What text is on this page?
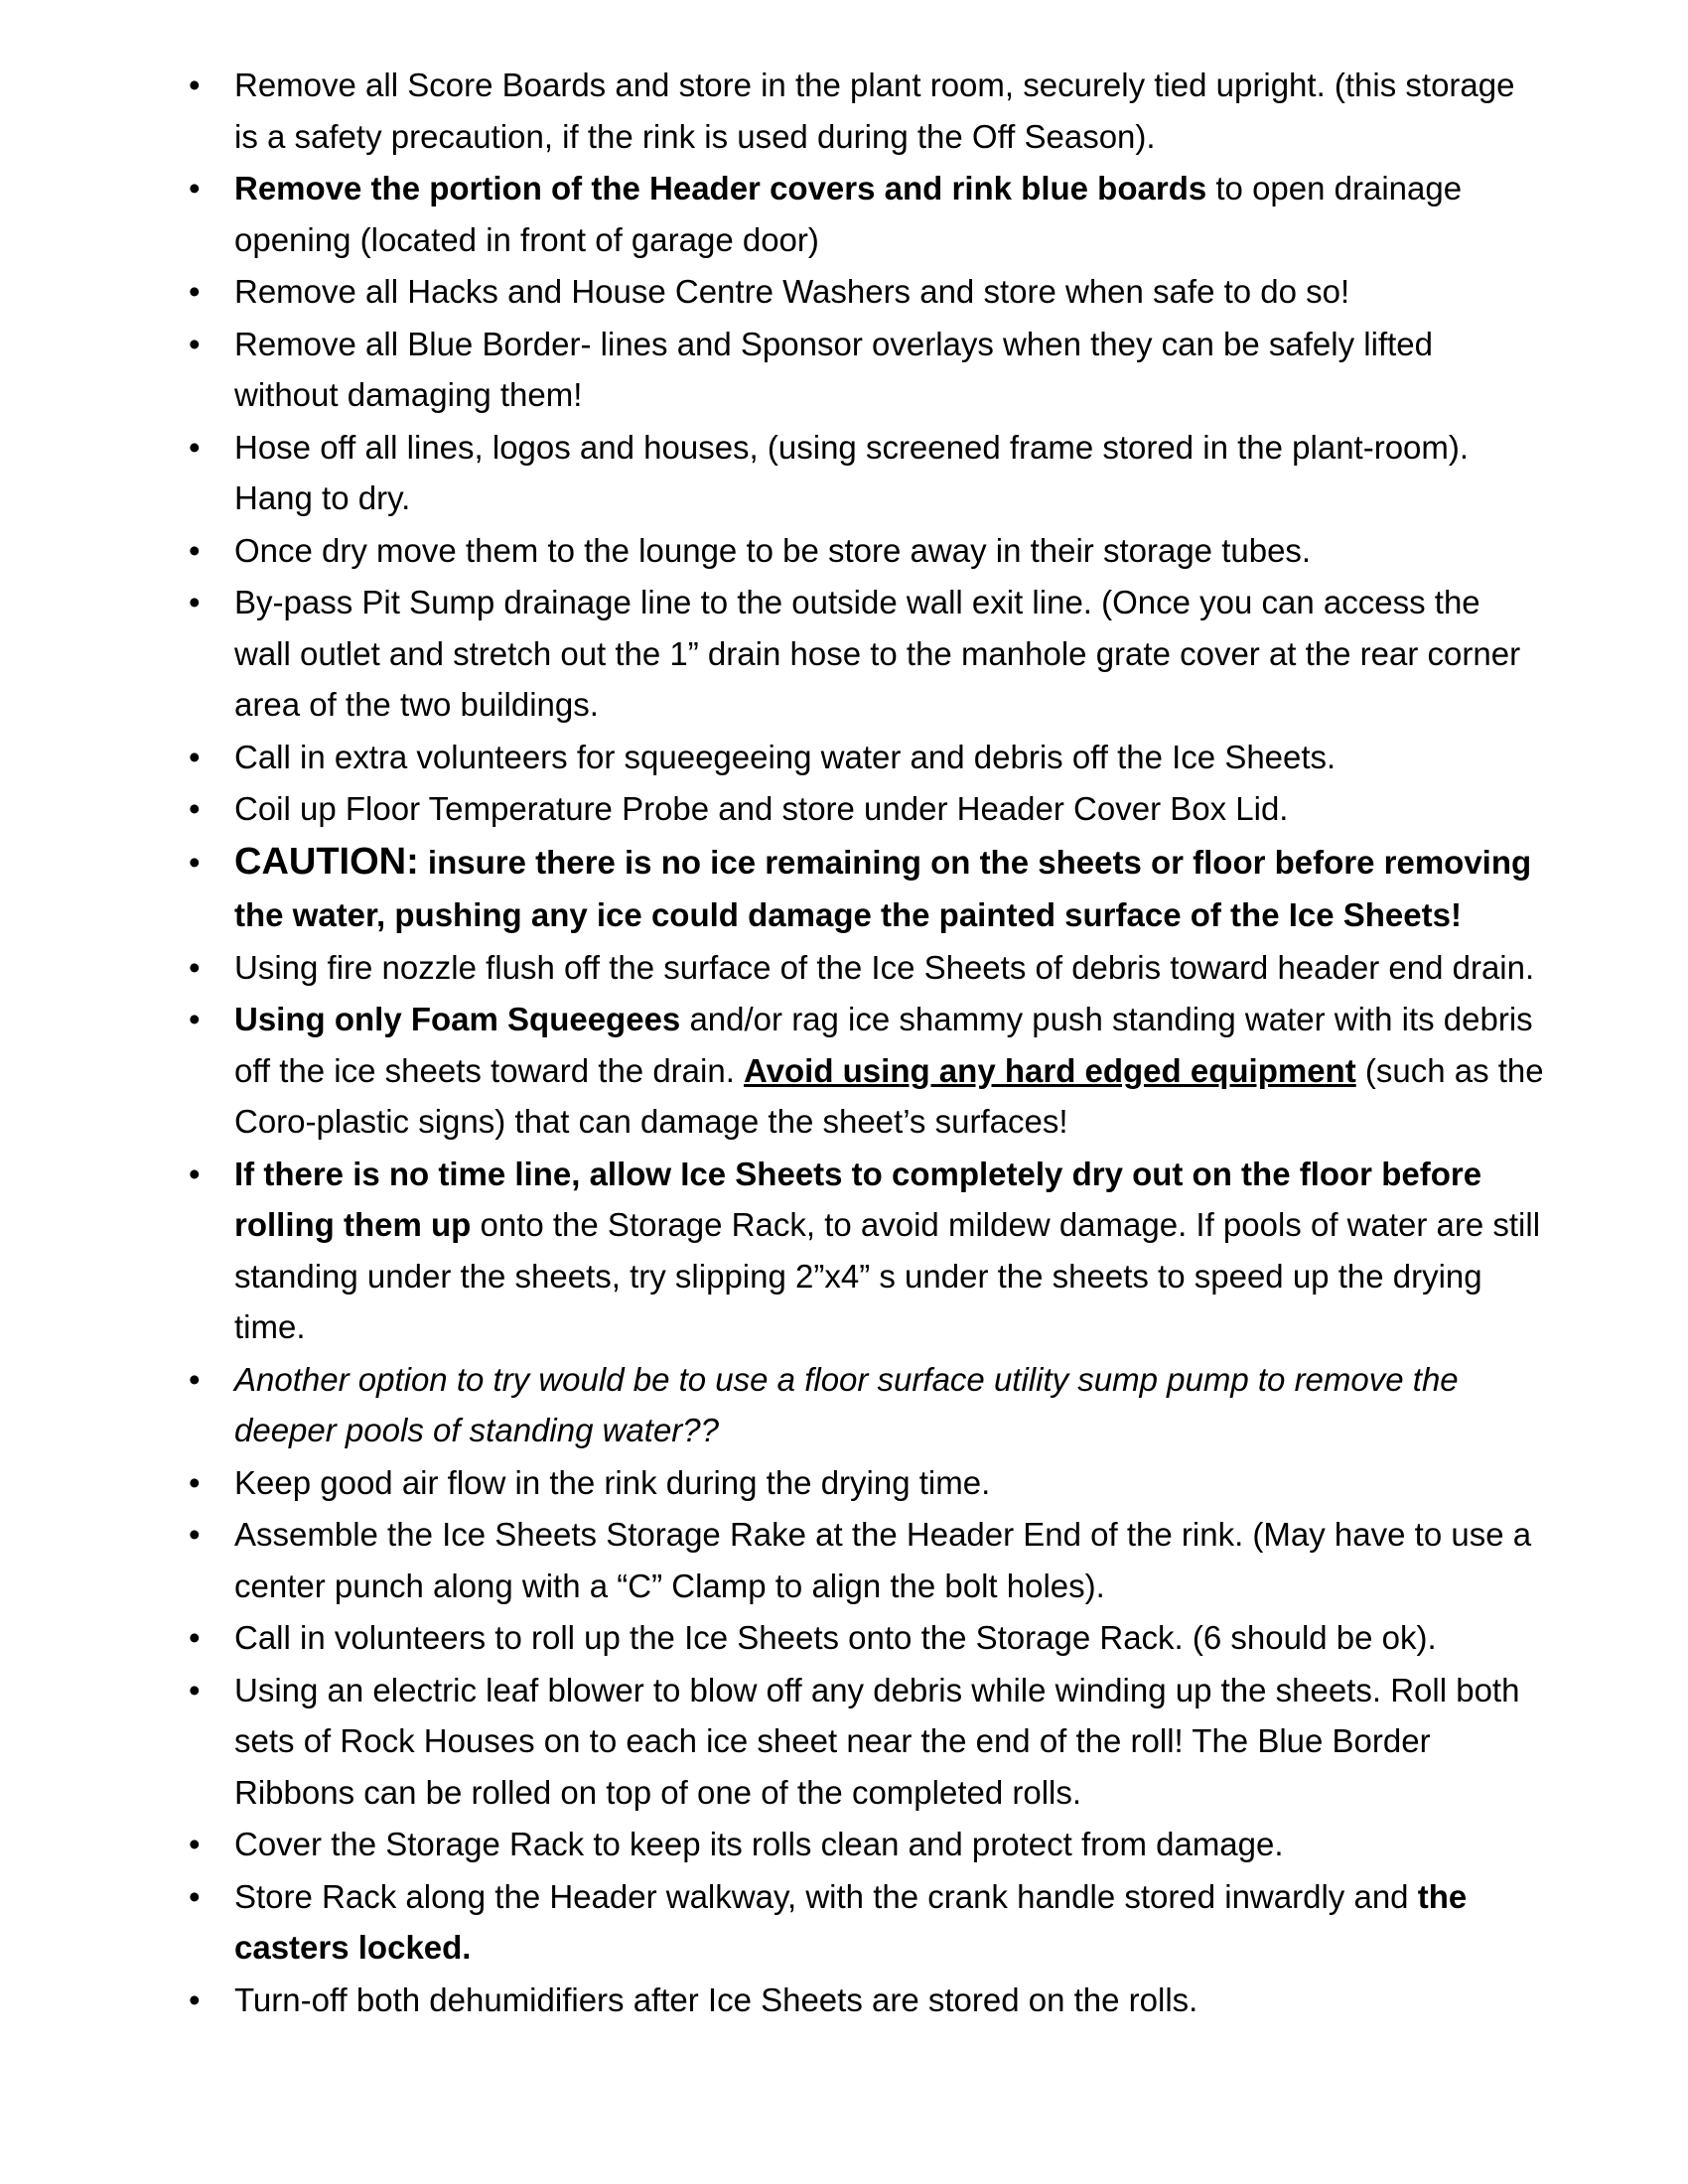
• Remove all Score Boards and store in the plant room, securely tied upright. (this storage is a safety precaution, if the rink is used during the Off Season).
• Remove the portion of the Header covers and rink blue boards to open drainage opening (located in front of garage door)
• Remove all Hacks and House Centre Washers and store when safe to do so!
• Remove all Blue Border- lines and Sponsor overlays when they can be safely lifted without damaging them!
• Hose off all lines, logos and houses, (using screened frame stored in the plant-room). Hang to dry.
• Once dry move them to the lounge to be store away in their storage tubes.
• By-pass Pit Sump drainage line to the outside wall exit line. (Once you can access the wall outlet and stretch out the 1” drain hose to the manhole grate cover at the rear corner area of the two buildings.
• Call in extra volunteers for squeegeeing water and debris off the Ice Sheets.
• Coil up Floor Temperature Probe and store under Header Cover Box Lid.
• CAUTION: insure there is no ice remaining on the sheets or floor before removing the water, pushing any ice could damage the painted surface of the Ice Sheets!
• Using fire nozzle flush off the surface of the Ice Sheets of debris toward header end drain.
• Using only Foam Squeegees and/or rag ice shammy push standing water with its debris off the ice sheets toward the drain. Avoid using any hard edged equipment (such as the Coro-plastic signs) that can damage the sheet’s surfaces!
• If there is no time line, allow Ice Sheets to completely dry out on the floor before rolling them up onto the Storage Rack, to avoid mildew damage. If pools of water are still standing under the sheets, try slipping 2”x4” s under the sheets to speed up the drying time.
• Another option to try would be to use a floor surface utility sump pump to remove the deeper pools of standing water??
• Keep good air flow in the rink during the drying time.
• Assemble the Ice Sheets Storage Rake at the Header End of the rink. (May have to use a center punch along with a “C” Clamp to align the bolt holes).
• Call in volunteers to roll up the Ice Sheets onto the Storage Rack. (6 should be ok).
• Using an electric leaf blower to blow off any debris while winding up the sheets. Roll both sets of Rock Houses on to each ice sheet near the end of the roll! The Blue Border Ribbons can be rolled on top of one of the completed rolls.
• Cover the Storage Rack to keep its rolls clean and protect from damage.
• Store Rack along the Header walkway, with the crank handle stored inwardly and the casters locked.
• Turn-off both dehumidifiers after Ice Sheets are stored on the rolls.
